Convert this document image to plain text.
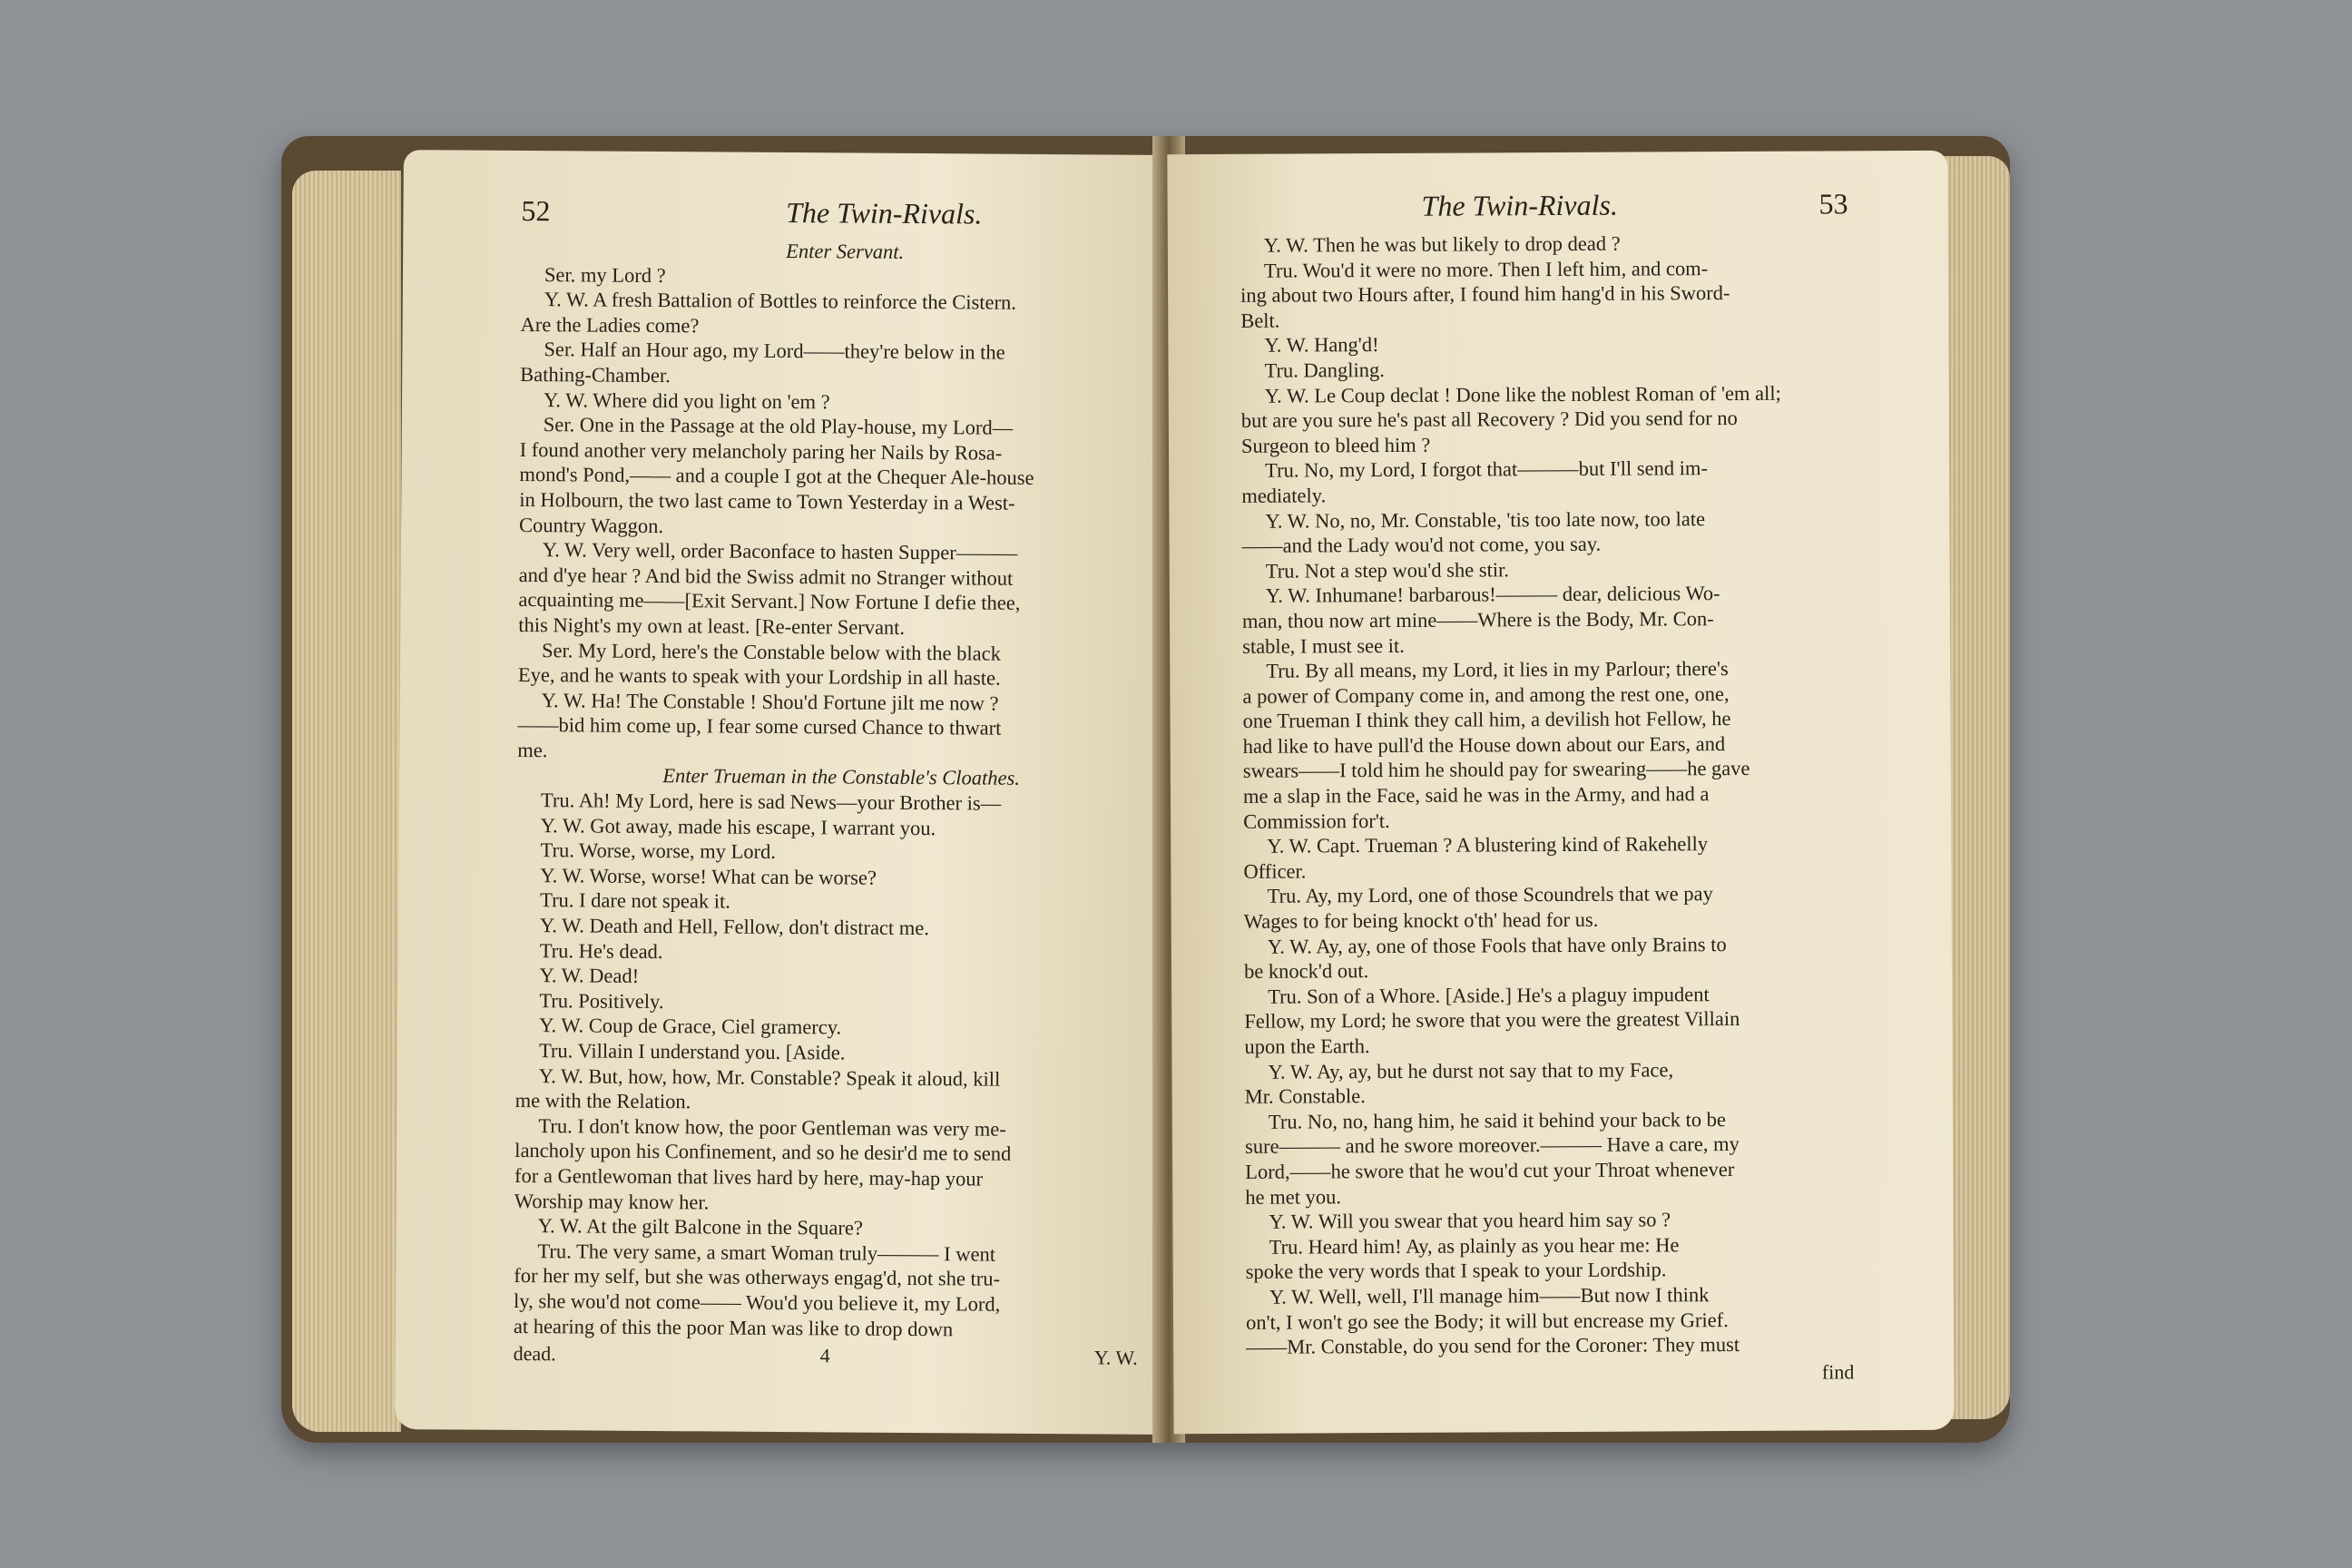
52	The Twin-Rivals.
Enter Servant.
Ser. my Lord ?
Y. W. A fresh Battalion of Bottles to reinforce the Cistern.
Are the Ladies come?
Ser. Half an Hour ago, my Lord——they're below in the
Bathing-Chamber.
Y. W. Where did you light on 'em ?
Ser. One in the Passage at the old Play-house, my Lord—
I found another very melancholy paring her Nails by Rosa-
mond's Pond,—— and a couple I got at the Chequer Ale-house
in Holbourn, the two last came to Town Yesterday in a West-
Country Waggon.
Y. W. Very well, order Baconface to hasten Supper———
and d'ye hear ? And bid the Swiss admit no Stranger without
acquainting me——[Exit Servant.] Now Fortune I defie thee,
this Night's my own at least. [Re-enter Servant.
Ser. My Lord, here's the Constable below with the black
Eye, and he wants to speak with your Lordship in all haste.
Y. W. Ha! The Constable ! Shou'd Fortune jilt me now ?
——bid him come up, I fear some cursed Chance to thwart
me.
Enter Trueman in the Constable's Cloathes.
Tru. Ah! My Lord, here is sad News—your Brother is—
Y. W. Got away, made his escape, I warrant you.
Tru. Worse, worse, my Lord.
Y. W. Worse, worse! What can be worse?
Tru. I dare not speak it.
Y. W. Death and Hell, Fellow, don't distract me.
Tru. He's dead.
Y. W. Dead!
Tru. Positively.
Y. W. Coup de Grace, Ciel gramercy.
Tru. Villain I understand you. [Aside.
Y. W. But, how, how, Mr. Constable? Speak it aloud, kill
me with the Relation.
Tru. I don't know how, the poor Gentleman was very me-
lancholy upon his Confinement, and so he desir'd me to send
for a Gentlewoman that lives hard by here, may-hap your
Worship may know her.
Y. W. At the gilt Balcone in the Square?
Tru. The very same, a smart Woman truly——— I went
for her my self, but she was otherways engag'd, not she tru-
ly, she wou'd not come—— Wou'd you believe it, my Lord,
at hearing of this the poor Man was like to drop down
dead.	4	Y. W.
The Twin-Rivals.	53
Y. W. Then he was but likely to drop dead ?
Tru. Wou'd it were no more. Then I left him, and com-
ing about two Hours after, I found him hang'd in his Sword-
Belt.
Y. W. Hang'd!
Tru. Dangling.
Y. W. Le Coup declat ! Done like the noblest Roman of 'em all;
but are you sure he's past all Recovery ? Did you send for no
Surgeon to bleed him ?
Tru. No, my Lord, I forgot that———but I'll send im-
mediately.
Y. W. No, no, Mr. Constable, 'tis too late now, too late
——and the Lady wou'd not come, you say.
Tru. Not a step wou'd she stir.
Y. W. Inhumane! barbarous!——— dear, delicious Wo-
man, thou now art mine——Where is the Body, Mr. Con-
stable, I must see it.
Tru. By all means, my Lord, it lies in my Parlour; there's
a power of Company come in, and among the rest one, one,
one Trueman I think they call him, a devilish hot Fellow, he
had like to have pull'd the House down about our Ears, and
swears——I told him he should pay for swearing——he gave
me a slap in the Face, said he was in the Army, and had a
Commission for't.
Y. W. Capt. Trueman ? A blustering kind of Rakehelly
Officer.
Tru. Ay, my Lord, one of those Scoundrels that we pay
Wages to for being knockt o'th' head for us.
Y. W. Ay, ay, one of those Fools that have only Brains to
be knock'd out.
Tru. Son of a Whore. [Aside.] He's a plaguy impudent
Fellow, my Lord; he swore that you were the greatest Villain
upon the Earth.
Y. W. Ay, ay, but he durst not say that to my Face,
Mr. Constable.
Tru. No, no, hang him, he said it behind your back to be
sure——— and he swore moreover.——— Have a care, my
Lord,——he swore that he wou'd cut your Throat whenever
he met you.
Y. W. Will you swear that you heard him say so ?
Tru. Heard him! Ay, as plainly as you hear me: He
spoke the very words that I speak to your Lordship.
Y. W. Well, well, I'll manage him——But now I think
on't, I won't go see the Body; it will but encrease my Grief.
——Mr. Constable, do you send for the Coroner: They must
find
